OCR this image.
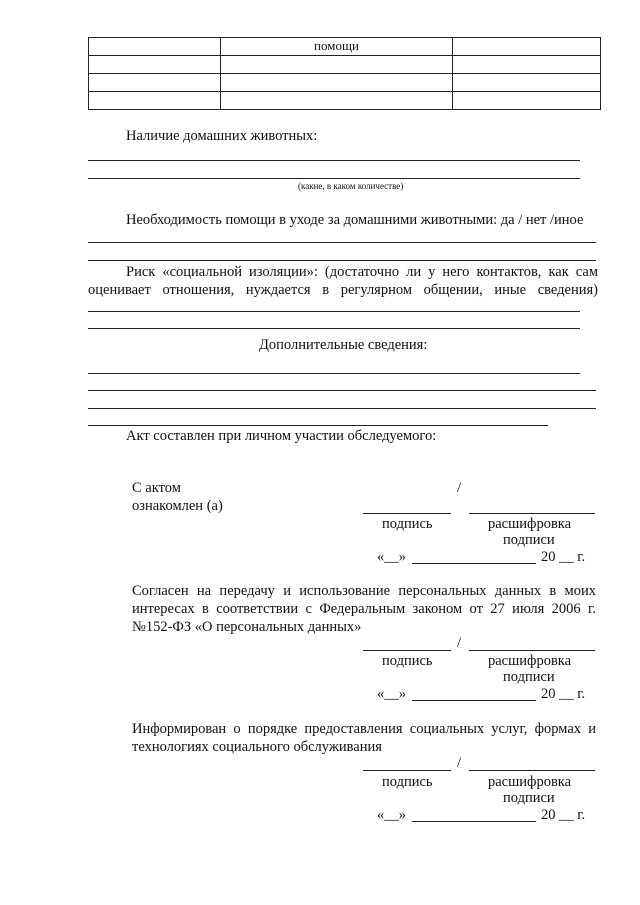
	помощи	

Наличие домашних животных:
(какие, в каком количестве)
Необходимость помощи в уходе за домашними животными: да / нет /иное
Риск «социальной изоляции»: (достаточно ли у него контактов, как сам
оценивает отношения, нуждается в регулярном общении, иные сведения)
Дополнительные сведения:
Акт составлен при личном участии обследуемого:
С актом
ознакомлен (а)
/
подпись	расшифровка
подписи
«__»	20 __ г.
Согласен на передачу и использование персональных данных в моих
интересах в соответствии с Федеральным законом от 27 июля 2006 г.
№152-ФЗ «О персональных данных»
/
подпись	расшифровка
подписи
«__»	20 __ г.
Информирован о порядке предоставления социальных услуг, формах и
технологиях социального обслуживания
/
подпись	расшифровка
подписи
«__»	20 __ г.
